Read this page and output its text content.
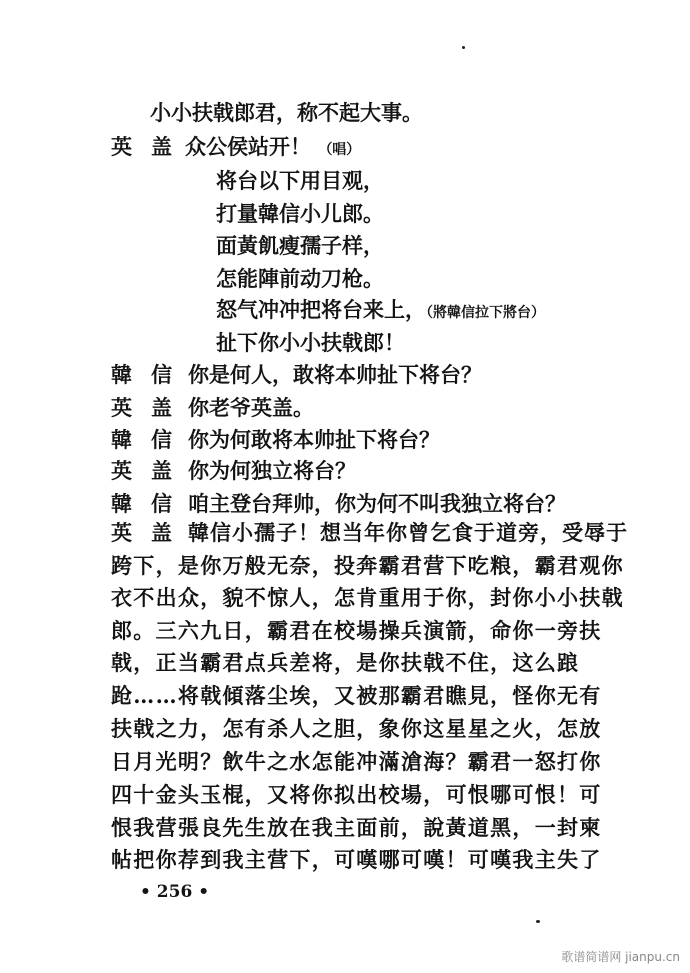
小小扶戟郎君，称不起大事。
英 盖 众公侯站开！ （唱）
将台以下用目观，
打量韓信小儿郎。
面黃飢瘦孺子样，
怎能陣前动刀枪。
怒气冲冲把将台来上，（將韓信拉下將台）
扯下你小小扶戟郎！
韓 信 你是何人，敢将本帅扯下将台？
英 盖 你老爷英盖。
韓 信 你为何敢将本帅扯下将台？
英 盖 你为何独立将台？
韓 信 咱主登台拜帅，你为何不叫我独立将台？
英 盖 韓信小孺子！想当年你曾乞食于道旁，受辱于
跨下，是你万般无奈，投奔霸君营下吃粮，霸君观你
衣不出众，貌不惊人，怎肯重用于你，封你小小扶戟
郎。三六九日，霸君在校場操兵演箭，命你一旁扶
戟，正当霸君点兵差将，是你扶戟不住，这么踉
跄……将戟傾落尘埃，又被那霸君瞧見，怪你无有
扶戟之力，怎有杀人之胆，象你这星星之火，怎放
日月光明？飲牛之水怎能冲滿滄海？霸君一怒打你
四十金头玉棍，又将你拟出校場，可恨哪可恨！可
恨我营張良先生放在我主面前，說黃道黑，一封柬
帖把你荐到我主营下，可嘆哪可嘆！可嘆我主失了
• 256 •
歌谱简谱网 jianpu.cn
